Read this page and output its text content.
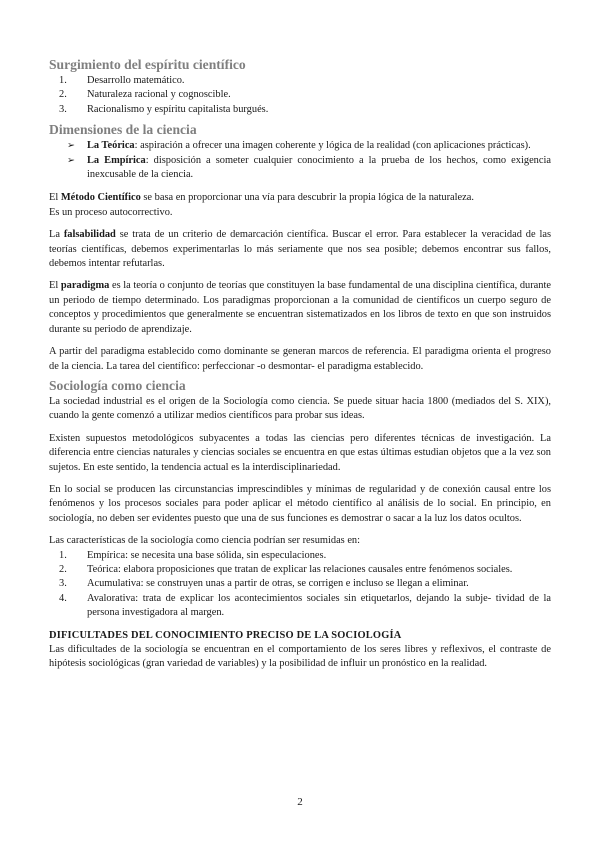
Surgimiento del espíritu científico
1. Desarrollo matemático.
2. Naturaleza racional y cognoscible.
3. Racionalismo y espíritu capitalista burgués.
Dimensiones de la ciencia
➢ La Teórica: aspiración a ofrecer una imagen coherente y lógica de la realidad (con aplicaciones prácticas).
➢ La Empírica: disposición a someter cualquier conocimiento a la prueba de los hechos, como exigencia inexcusable de la ciencia.

El Método Científico se basa en proporcionar una vía para descubrir la propia lógica de la naturaleza.
Es un proceso autocorrectivo.

La falsabilidad se trata de un criterio de demarcación científica. Buscar el error. Para establecer la veracidad de las teorías científicas, debemos experimentarlas lo más seriamente que nos sea posible; debemos encontrar sus fallos, debemos intentar refutarlas.

El paradigma es la teoría o conjunto de teorías que constituyen la base fundamental de una disciplina científica, durante un periodo de tiempo determinado. Los paradigmas proporcionan a la comunidad de científicos un cuerpo seguro de conceptos y procedimientos que generalmente se encuentran sistematizados en los libros de texto en que son instruidos durante su periodo de aprendizaje.

A partir del paradigma establecido como dominante se generan marcos de referencia. El paradigma orienta el progreso de la ciencia. La tarea del científico: perfeccionar -o desmontar- el paradigma establecido.

Sociología como ciencia

La sociedad industrial es el origen de la Sociología como ciencia. Se puede situar hacia 1800 (mediados del S. XIX), cuando la gente comenzó a utilizar medios científicos para probar sus ideas.

Existen supuestos metodológicos subyacentes a todas las ciencias pero diferentes técnicas de investigación. La diferencia entre ciencias naturales y ciencias sociales se encuentra en que estas últimas estudian objetos que a la vez son sujetos. En este sentido, la tendencia actual es la interdisciplinariedad.

En lo social se producen las circunstancias imprescindibles y mínimas de regularidad y de conexión causal entre los fenómenos y los procesos sociales para poder aplicar el método científico al análisis de lo social. En principio, en sociología, no deben ser evidentes puesto que una de sus funciones es demostrar o sacar a la luz los datos ocultos.

Las características de la sociología como ciencia podrían ser resumidas en:

1. Empírica: se necesita una base sólida, sin especulaciones.
2. Teórica: elabora proposiciones que tratan de explicar las relaciones causales entre fenómenos sociales.
3. Acumulativa: se construyen unas a partir de otras, se corrigen e incluso se llegan a eliminar.
4. Avalorativa: trata de explicar los acontecimientos sociales sin etiquetarlos, dejando la subje- tividad de la persona investigadora al margen.

DIFICULTADES DEL CONOCIMIENTO PRECISO DE LA SOCIOLOGÍA

Las dificultades de la sociología se encuentran en el comportamiento de los seres libres y reflexivos, el contraste de hipótesis sociológicas (gran variedad de variables) y la posibilidad de influir un pronóstico en la realidad.

2
